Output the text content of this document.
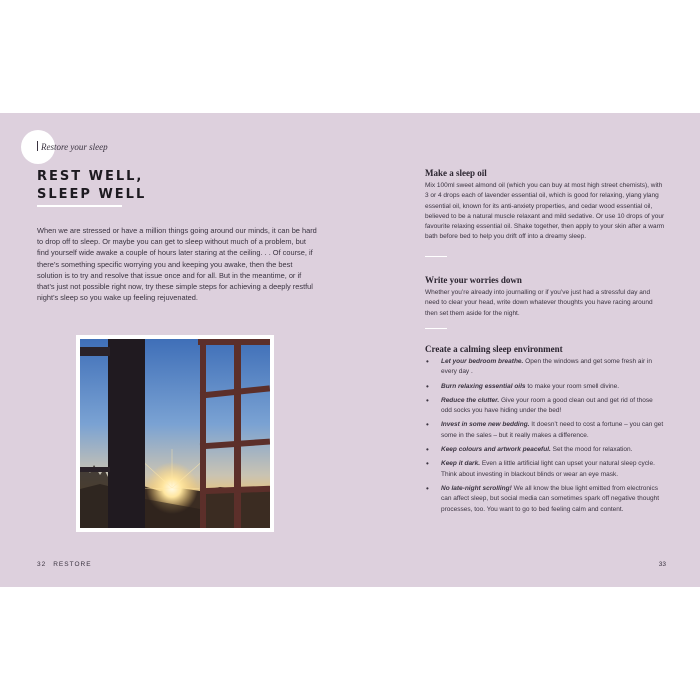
Restore your sleep
REST WELL, SLEEP WELL

When we are stressed or have a million things going around our minds, it can be hard to drop off to sleep. Or maybe you can get to sleep without much of a problem, but find yourself wide awake a couple of hours later staring at the ceiling. . . Of course, if there’s something specific worrying you and keeping you awake, then the best solution is to try and resolve that issue once and for all. But in the meantime, or if that’s just not possible right now, try these simple steps for achieving a deeply restful night’s sleep so you wake up feeling rejuvenated.

32 RESTORE
Make a sleep oil

Mix 100ml sweet almond oil (which you can buy at most high street chemists), with 3 or 4 drops each of lavender essential oil, which is good for relaxing, ylang ylang essential oil, known for its anti-anxiety properties, and cedar wood essential oil, believed to be a natural muscle relaxant and mild sedative. Or use 10 drops of your favourite relaxing essential oil. Shake together, then apply to your skin after a warm bath before bed to help you drift off into a dreamy sleep.

Write your worries down

Whether you’re already into journalling or if you’ve just had a stressful day and need to clear your head, write down whatever thoughts you have racing around then set them aside for the night.

Create a calming sleep environment
• Let your bedroom breathe. Open the windows and get some fresh air in every day .
• Burn relaxing essential oils to make your room smell divine.
• Reduce the clutter. Give your room a good clean out and get rid of those odd socks you have hiding under the bed!
• Invest in some new bedding. It doesn’t need to cost a fortune – you can get some in the sales – but it really makes a difference.
• Keep colours and artwork peaceful. Set the mood for relaxation.
• Keep it dark. Even a little artificial light can upset your natural sleep cycle. Think about investing in blackout blinds or wear an eye mask.
• No late-night scrolling! We all know the blue light emitted from electronics can affect sleep, but social media can sometimes spark off negative thought processes, too. You want to go to bed feeling calm and content.
33
